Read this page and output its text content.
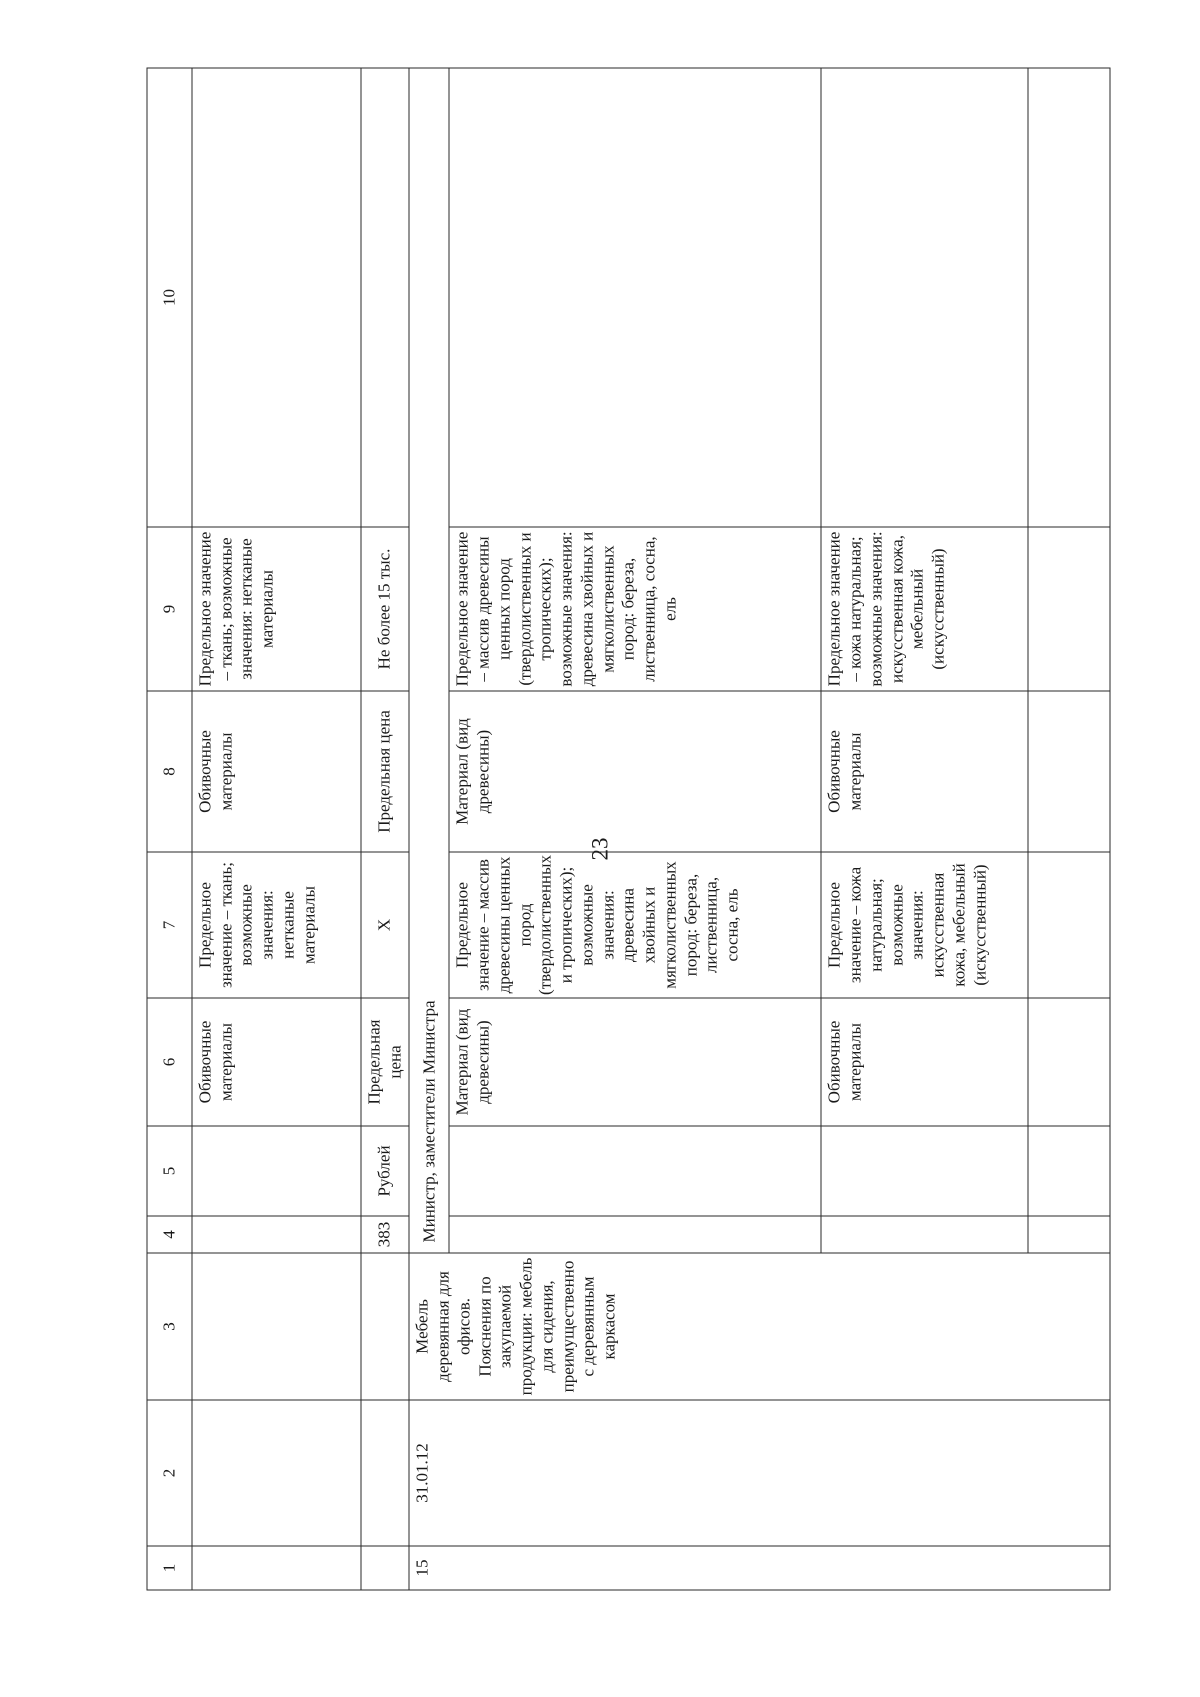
23
1	2	3	4	5	6	7	8	9	10
					Обивочные материалы	Предельное значение – ткань; возможные значения: нетканые материалы	Обивочные материалы	Предельное значение – ткань; возможные значения: нетканые материалы	
			383	Рублей	Предельная цена	Х	Предельная цена	Не более 15 тыс.	
15	31.01.12	Мебель деревянная для офисов. Пояснения по закупаемой продукции: мебель для сидения, преимущественно с деревянным каркасом	Министр, заместители Министра						
					Материал (вид древесины)	Предельное значение – массив древесины ценных пород (твердолиственных и тропических); возможные значения: древесина хвойных и мягколиственных пород: береза, лиственница, сосна, ель	Материал (вид древесины)	Предельное значение – массив древесины ценных пород (твердолиственных и тропических); возможные значения: древесина хвойных и мягколиственных пород: береза, лиственница, сосна, ель	
					Обивочные материалы	Предельное значение – кожа натуральная; возможные значения: искусственная кожа, мебельный (искусственный)	Обивочные материалы	Предельное значение – кожа натуральная; возможные значения: искусственная кожа, мебельный (искусственный)	
